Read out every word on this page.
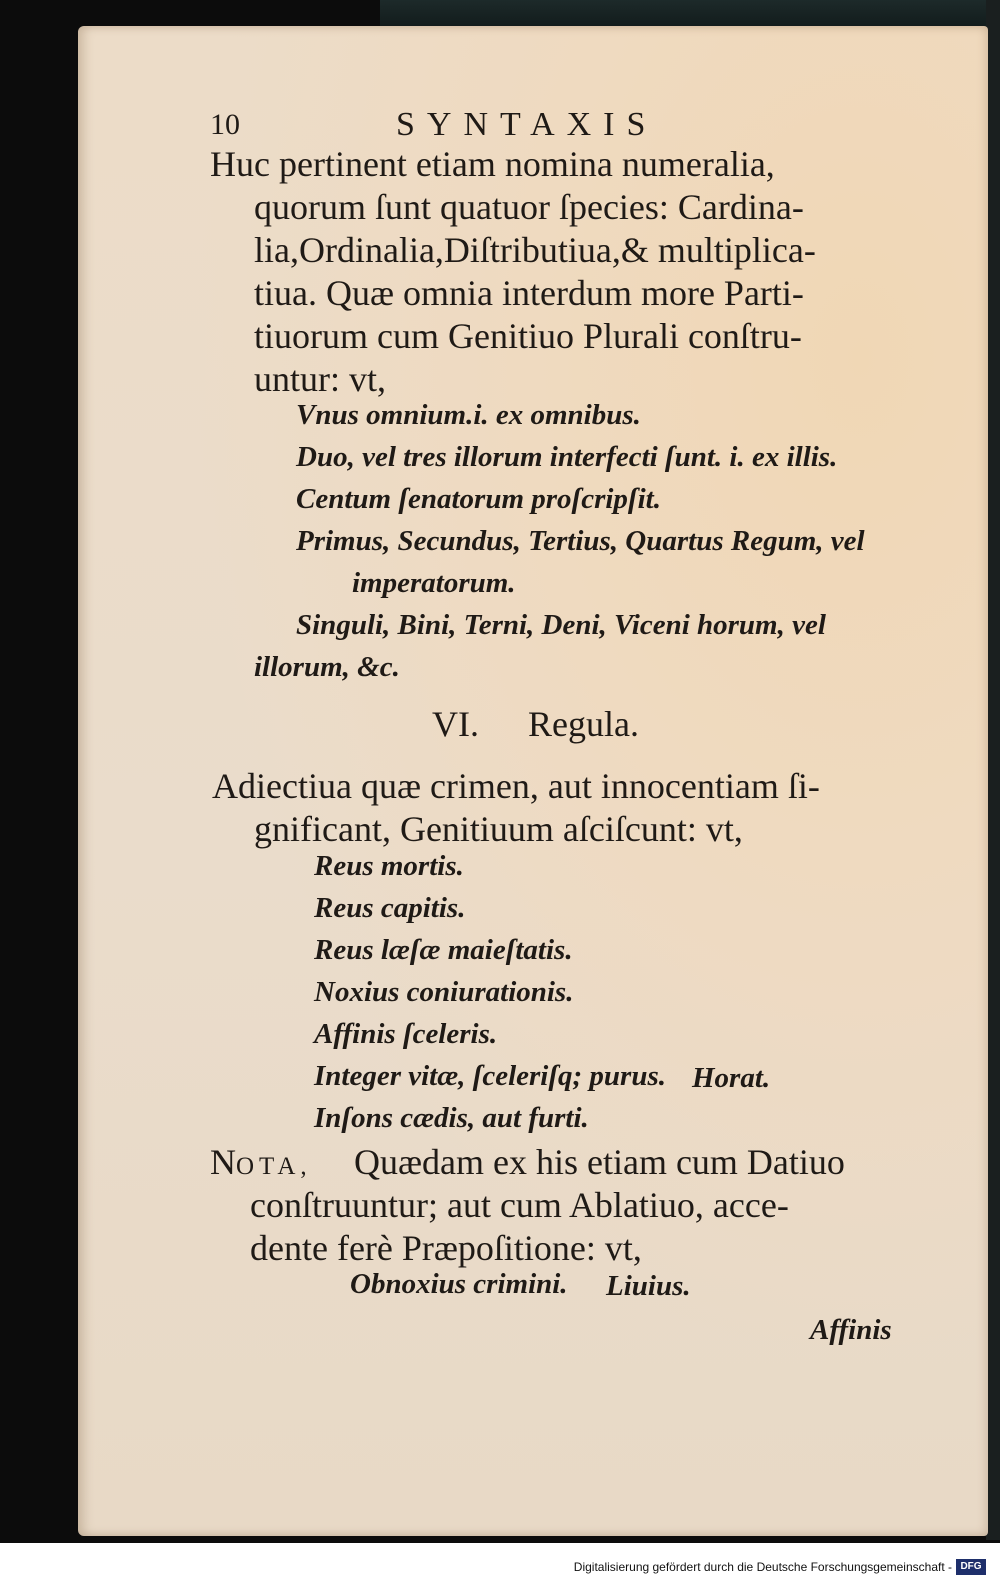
10	SYNTAXIS
Huc pertinent etiam nomina numeralia,
quorum ſunt quatuor ſpecies: Cardina-
lia,Ordinalia,Diſtributiua,& multiplica-
tiua. Quæ omnia interdum more Parti-
tiuorum cum Genitiuo Plurali conſtru-
untur: vt,
Vnus omnium.i. ex omnibus.
Duo, vel tres illorum interfecti ſunt. i. ex illis.
Centum ſenatorum proſcripſit.
Primus, Secundus, Tertius, Quartus Regum, vel
imperatorum.
Singuli, Bini, Terni, Deni, Viceni horum, vel
illorum, &c.
VI. Regula.
Adiectiua quæ crimen, aut innocentiam ſi-
gnificant, Genitiuum aſciſcunt: vt,
Reus mortis.
Reus capitis.
Reus læſæ maieſtatis.
Noxius coniurationis.
Affinis ſceleris.
Integer vitæ, ſceleriſq; purus. Horat.
Inſons cædis, aut furti.
NOTA, Quædam ex his etiam cum Datiuo
conſtruuntur; aut cum Ablatiuo, acce-
dente ferè Præpoſitione: vt,
Obnoxius crimini. Liuius.
Affinis
Digitalisierung gefördert durch die Deutsche Forschungsgemeinschaft - DFG
